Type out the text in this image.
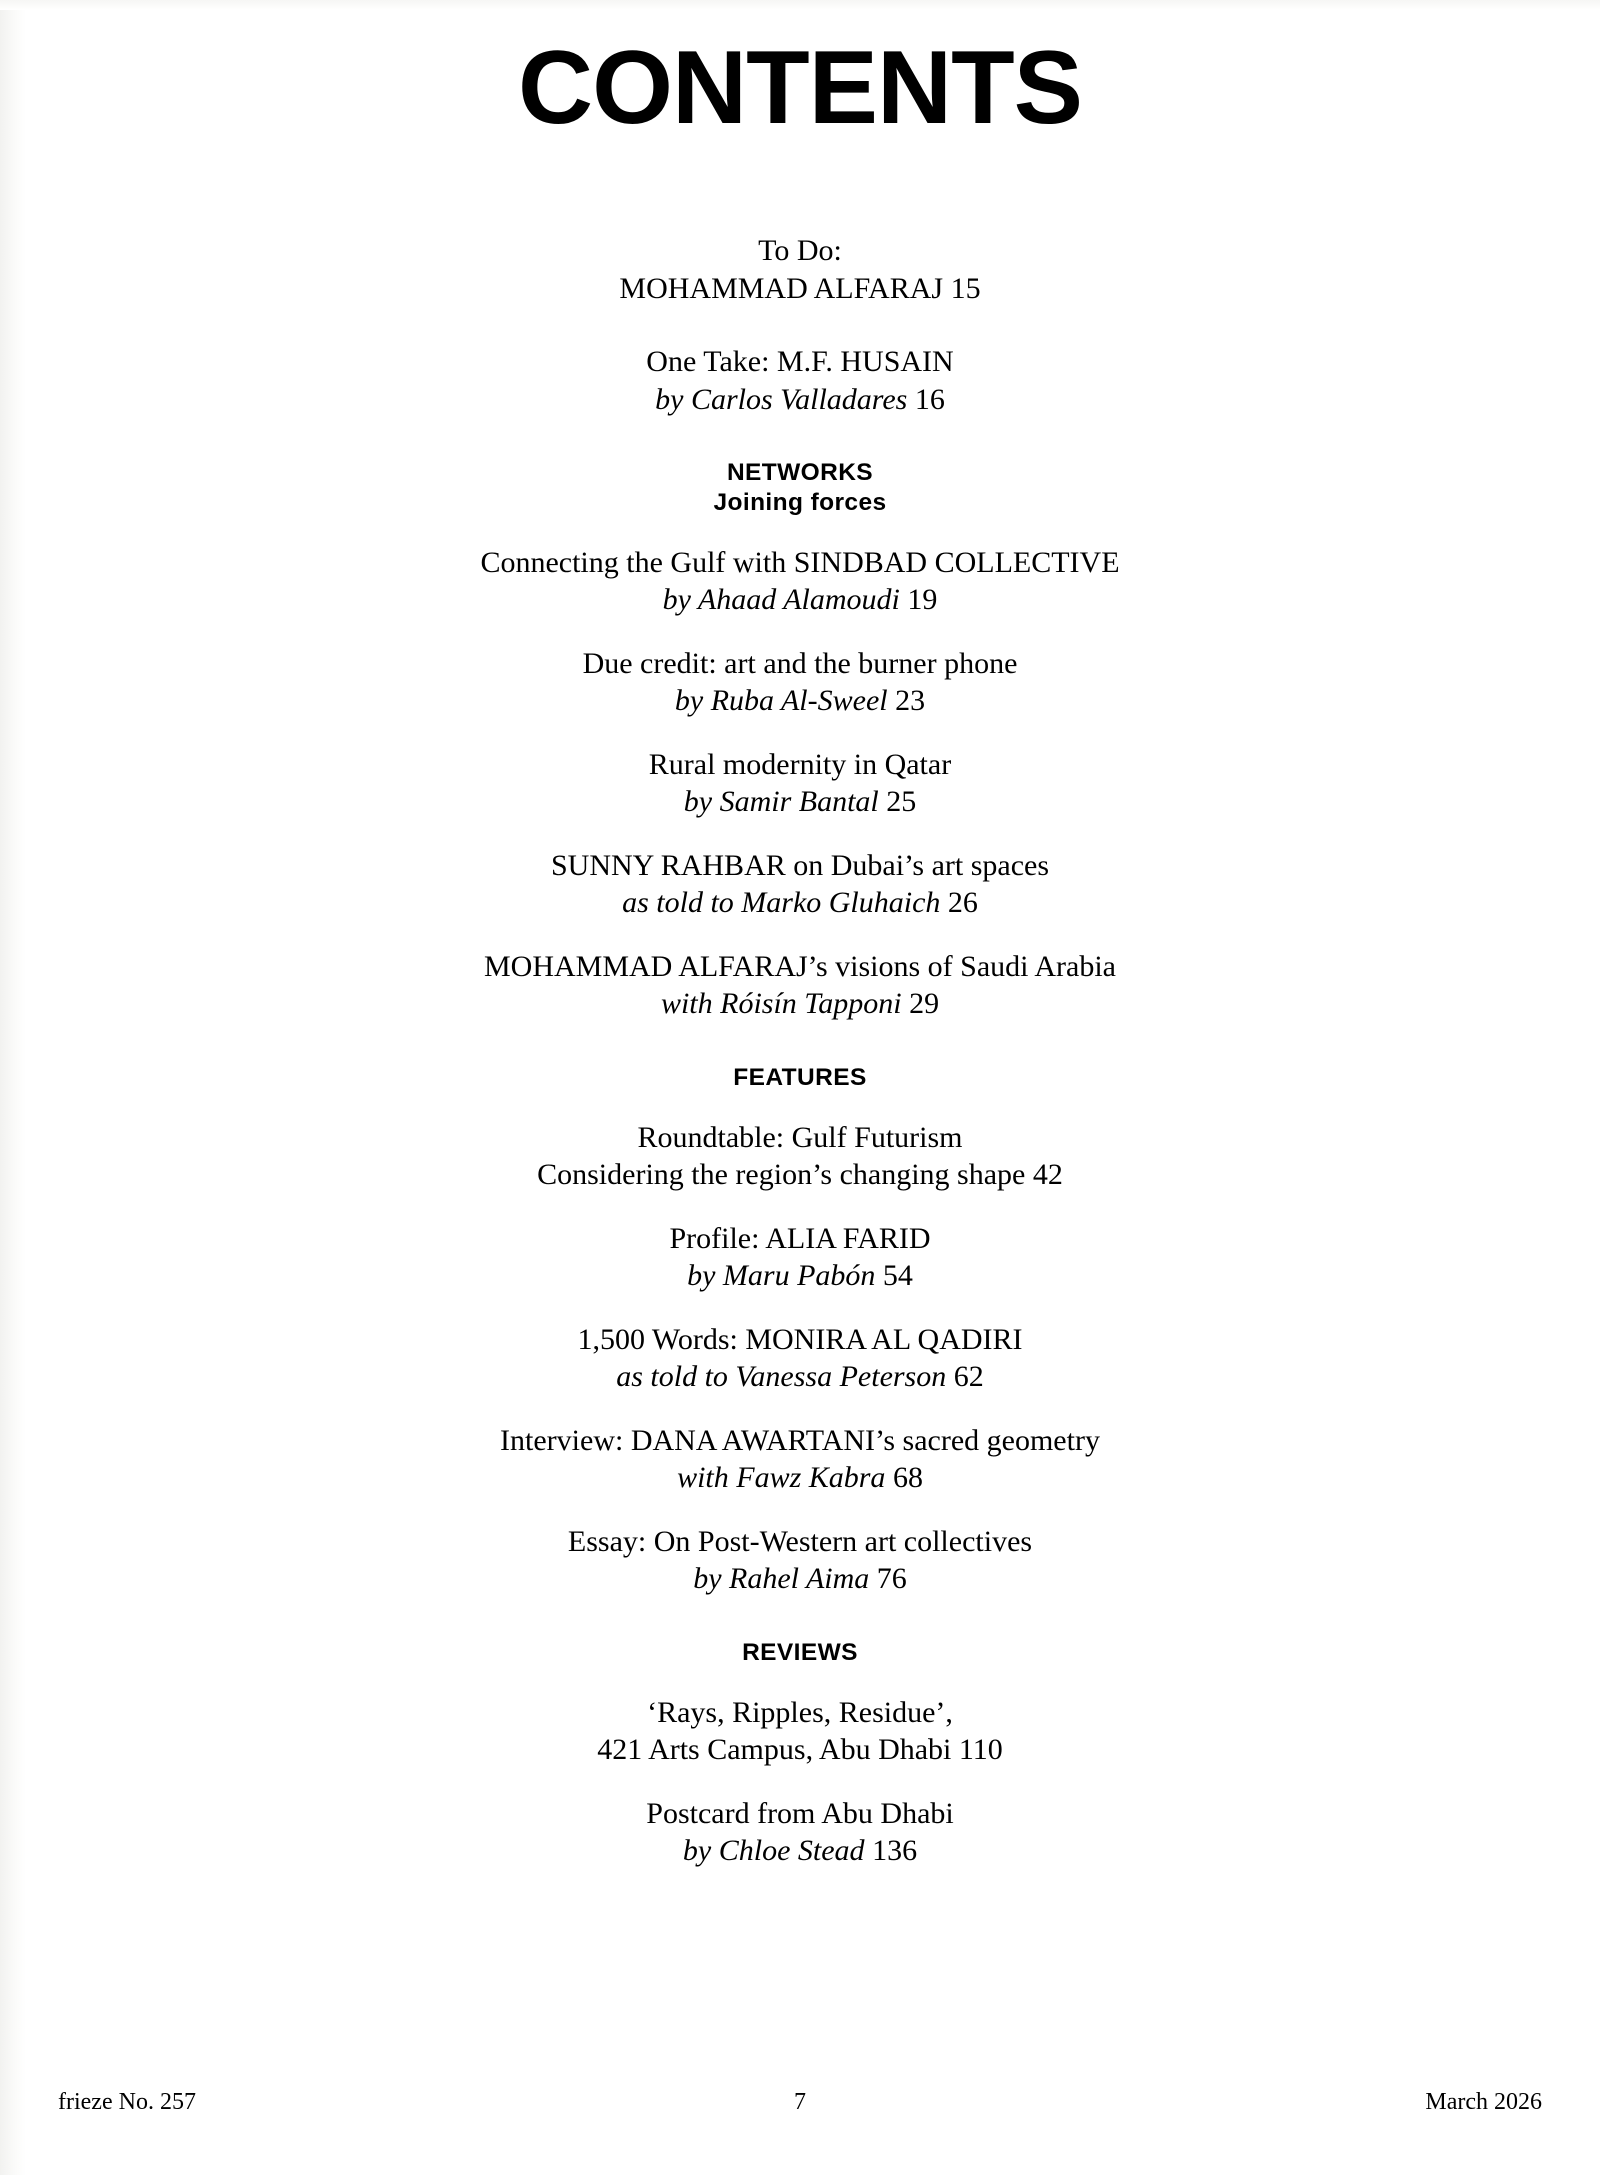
CONTENTS
To Do:
MOHAMMAD ALFARAJ 15
One Take: M.F. HUSAIN
by Carlos Valladares 16
NETWORKS
Joining forces
Connecting the Gulf with SINDBAD COLLECTIVE
by Ahaad Alamoudi 19
Due credit: art and the burner phone
by Ruba Al-Sweel 23
Rural modernity in Qatar
by Samir Bantal 25
SUNNY RAHBAR on Dubai’s art spaces
as told to Marko Gluhaich 26
MOHAMMAD ALFARAJ’s visions of Saudi Arabia
with Róisín Tapponi 29
FEATURES
Roundtable: Gulf Futurism
Considering the region’s changing shape 42
Profile: ALIA FARID
by Maru Pabón 54
1,500 Words: MONIRA AL QADIRI
as told to Vanessa Peterson 62
Interview: DANA AWARTANI’s sacred geometry
with Fawz Kabra 68
Essay: On Post-Western art collectives
by Rahel Aima 76
REVIEWS
‘Rays, Ripples, Residue’,
421 Arts Campus, Abu Dhabi 110
Postcard from Abu Dhabi
by Chloe Stead 136
frieze No. 257	7	March 2026
